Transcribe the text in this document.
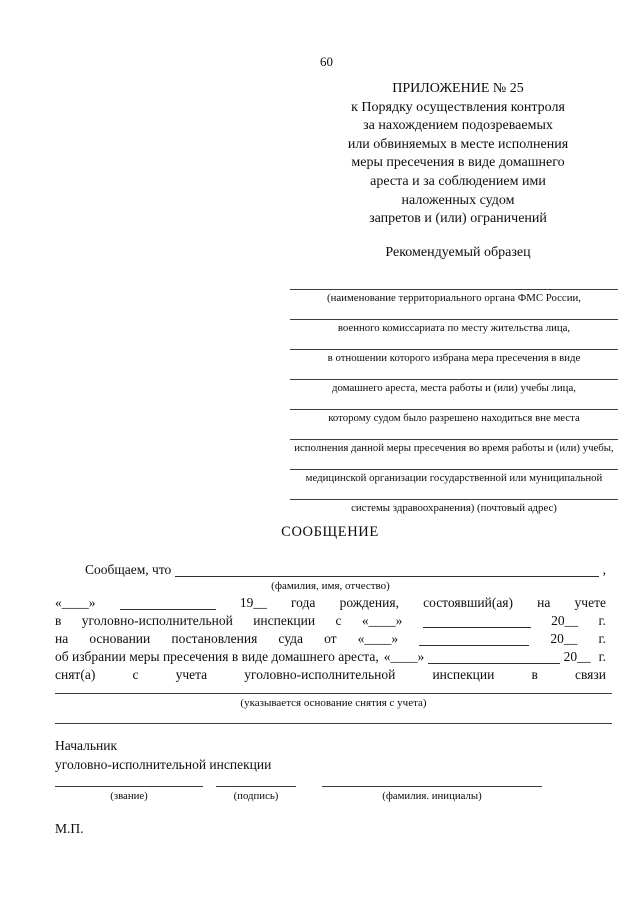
60
ПРИЛОЖЕНИЕ № 25
к Порядку осуществления контроля
за нахождением подозреваемых
или обвиняемых в месте исполнения
меры пресечения в виде домашнего
ареста и за соблюдением ими
наложенных судом
запретов и (или) ограничений
Рекомендуемый образец
(наименование территориального органа ФМС России,
военного комиссариата по месту жительства лица,
в отношении которого избрана мера пресечения в виде
домашнего ареста, места работы и (или) учебы лица,
которому судом было разрешено находиться вне места
исполнения данной меры пресечения во время работы и (или) учебы,
медицинской организации государственной или муниципальной
системы здравоохранения) (почтовый адрес)
СООБЩЕНИЕ
Сообщаем, что	,
(фамилия, имя, отчество)
«____»	19__ года рождения, состоявший(ая) на учете
в уголовно-исполнительной инспекции с «____»	20__ г.
на основании постановления суда от «____»	20__ г.
об избрании меры пресечения в виде домашнего ареста, «____»	20__ г.
снят(а)	с	учета	уголовно-исполнительной	инспекции	в	связи
(указывается основание снятия с учета)
Начальник
уголовно-исполнительной инспекции
(звание)	(подпись)	(фамилия. инициалы)
М.П.
